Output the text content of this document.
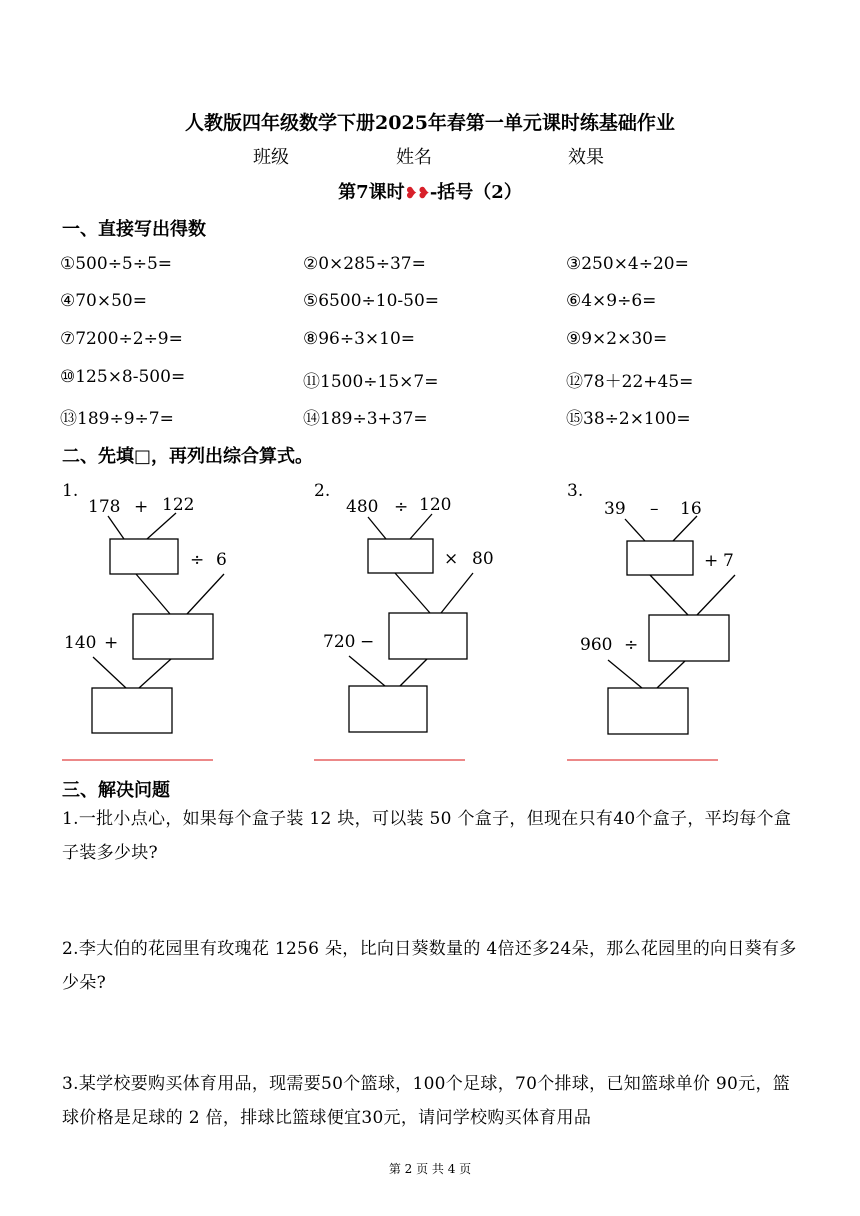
人教版四年级数学下册2025年春第一单元课时练基础作业
班级	姓名	效果
第7课时❥❥-括号（2）
一、直接写出得数
①500÷5÷5=	②0×285÷37=	③250×4÷20=
④70×50=	⑤6500÷10-50=	⑥4×9÷6=
⑦7200÷2÷9=	⑧96÷3×10=	⑨9×2×30=
⑩125×8-500=	⑪1500÷15×7=	⑫78＋22+45=
⑬189÷9÷7=	⑭189÷3+37=	⑮38÷2×100=
二、先填□，再列出综合算式。
1.
178 + 122
÷ 6
140 +
2.
480 ÷ 120
× 80
720 −
3.
39 – 16
+ 7
960 ÷
三、解决问题
1.一批小点心，如果每个盒子装 12 块，可以装 50 个盒子，但现在只有40个盒子，平均每个盒子装多少块?
2.李大伯的花园里有玫瑰花 1256 朵，比向日葵数量的 4倍还多24朵，那么花园里的向日葵有多少朵?
3.某学校要购买体育用品，现需要50个篮球，100个足球，70个排球，已知篮球单价 90元，篮球价格是足球的 2 倍，排球比篮球便宜30元，请问学校购买体育用品
第 2 页 共 4 页
